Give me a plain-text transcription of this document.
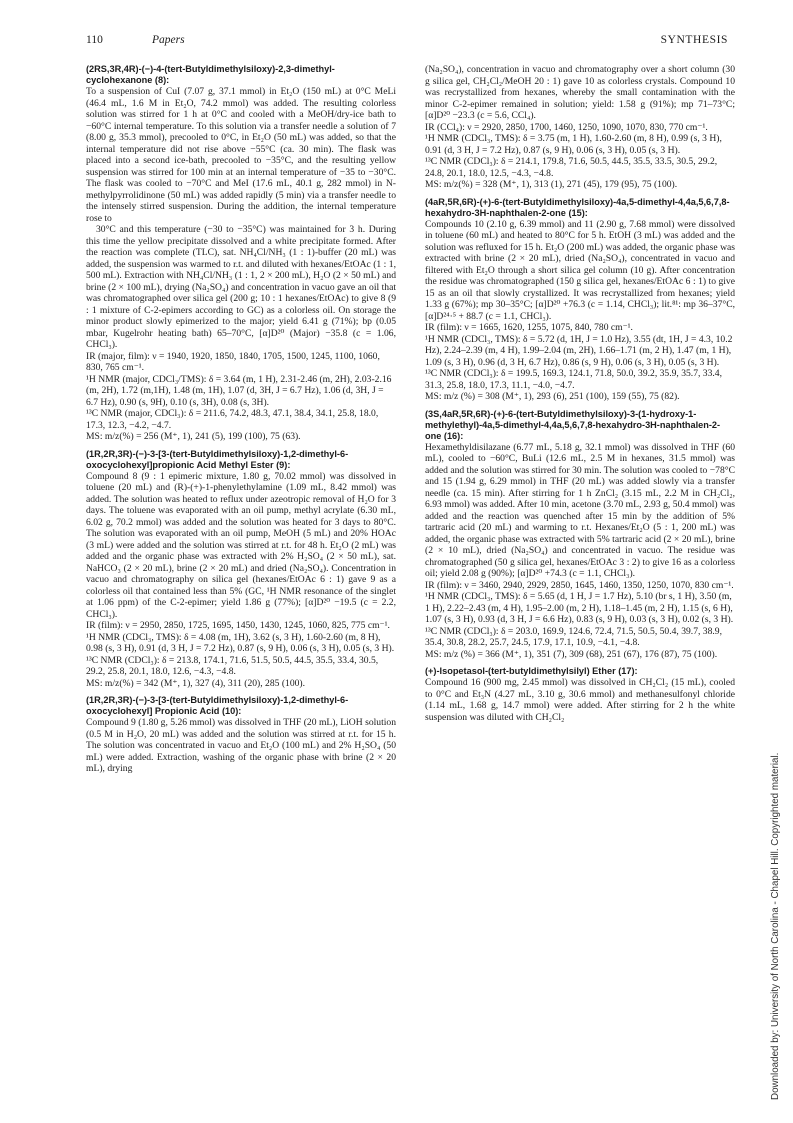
110	Papers	SYNTHESIS

(2RS,3R,4R)-(−)-4-(tert-Butyldimethylsiloxy)-2,3-dimethyl-cyclohexanone (8):

To a suspension of CuI (7.07 g, 37.1 mmol) in Et₂O (150 mL) at 0°C MeLi (46.4 mL, 1.6 M in Et₂O, 74.2 mmol) was added. The resulting colorless solution was stirred for 1 h at 0°C and cooled with a MeOH/dry-ice bath to −60°C internal temperature. To this solution via a transfer needle a solution of 7 (8.00 g, 35.3 mmol), precooled to 0°C, in Et₂O (50 mL) was added, so that the internal temperature did not rise above −55°C (ca. 30 min). The flask was placed into a second ice-bath, precooled to −35°C, and the resulting yellow suspension was stirred for 100 min at an internal temperature of −35 to −30°C. The flask was cooled to −70°C and MeI (17.6 mL, 40.1 g, 282 mmol) in N-methylpyrrolidinone (50 mL) was added rapidly (5 min) via a transfer needle to the intensely stirred suspension. During the addition, the internal temperature rose to

30°C and this temperature (−30 to −35°C) was maintained for 3 h. During this time the yellow precipitate dissolved and a white precipitate formed. After the reaction was complete (TLC), sat. NH₄Cl/NH₃ (1 : 1)-buffer (20 mL) was added, the suspension was warmed to r.t. and diluted with hexanes/EtOAc (1 : 1, 500 mL). Extraction with NH₄Cl/NH₃ (1 : 1, 2 × 200 mL), H₂O (2 × 50 mL) and brine (2 × 100 mL), drying (Na₂SO₄) and concentration in vacuo gave an oil that was chromatographed over silica gel (200 g; 10 : 1 hexanes/EtOAc) to give 8 (9 : 1 mixture of C-2-epimers according to GC) as a colorless oil. On storage the minor product slowly epimerized to the major; yield 6.41 g (71%); bp (0.05 mbar, Kugelrohr heating bath) 65–70°C, [α]D²⁰ (Major) −35.8 (c = 1.06, CHCl₃).

IR (major, film): ν = 1940, 1920, 1850, 1840, 1705, 1500, 1245, 1100, 1060, 830, 765 cm⁻¹.

¹H NMR (major, CDCl₃/TMS): δ = 3.64 (m, 1 H), 2.31-2.46 (m, 2H), 2.03-2.16 (m, 2H), 1.72 (m,1H), 1.48 (m, 1H), 1.07 (d, 3H, J = 6.7 Hz), 1.06 (d, 3H, J = 6.7 Hz), 0.90 (s, 9H), 0.10 (s, 3H), 0.08 (s, 3H).

¹³C NMR (major, CDCl₃): δ = 211.6, 74.2, 48.3, 47.1, 38.4, 34.1, 25.8, 18.0, 17.3, 12.3, −4.2, −4.7.

MS: m/z(%) = 256 (M⁺, 1), 241 (5), 199 (100), 75 (63).

(1R,2R,3R)-(−)-3-[3-(tert-Butyldimethylsiloxy)-1,2-dimethyl-6-oxocyclohexyl]propionic Acid Methyl Ester (9):

Compound 8 (9 : 1 epimeric mixture, 1.80 g, 70.02 mmol) was dissolved in toluene (20 mL) and (R)-(+)-1-phenylethylamine (1.09 mL, 8.42 mmol) was added. The solution was heated to reflux under azeotropic removal of H₂O for 3 days. The toluene was evaporated with an oil pump, methyl acrylate (6.30 mL, 6.02 g, 70.2 mmol) was added and the solution was heated for 3 days to 80°C. The solution was evaporated with an oil pump, MeOH (5 mL) and 20% HOAc (3 mL) were added and the solution was stirred at r.t. for 48 h. Et₂O (2 mL) was added and the organic phase was extracted with 2% H₂SO₄ (2 × 50 mL), sat. NaHCO₃ (2 × 20 mL), brine (2 × 20 mL) and dried (Na₂SO₄). Concentration in vacuo and chromatography on silica gel (hexanes/EtOAc 6 : 1) gave 9 as a colorless oil that contained less than 5% (GC, ¹H NMR resonance of the singlet at 1.06 ppm) of the C-2-epimer; yield 1.86 g (77%); [α]D²⁰ −19.5 (c = 2.2, CHCl₃).

IR (film): ν = 2950, 2850, 1725, 1695, 1450, 1430, 1245, 1060, 825, 775 cm⁻¹.

¹H NMR (CDCl₃, TMS): δ = 4.08 (m, 1H), 3.62 (s, 3 H), 1.60-2.60 (m, 8 H), 0.98 (s, 3 H), 0.91 (d, 3 H, J = 7.2 Hz), 0.87 (s, 9 H), 0.06 (s, 3 H), 0.05 (s, 3 H).

¹³C NMR (CDCl₃): δ = 213.8, 174.1, 71.6, 51.5, 50.5, 44.5, 35.5, 33.4, 30.5, 29.2, 25.8, 20.1, 18.0, 12.6, −4.3, −4.8.

MS: m/z(%) = 342 (M⁺, 1), 327 (4), 311 (20), 285 (100).

(1R,2R,3R)-(−)-3-[3-(tert-Butyldimethylsiloxy)-1,2-dimethyl-6-oxocyclohexyl] Propionic Acid (10):

Compound 9 (1.80 g, 5.26 mmol) was dissolved in THF (20 mL), LiOH solution (0.5 M in H₂O, 20 mL) was added and the solution was stirred at r.t. for 15 h. The solution was concentrated in vacuo and Et₂O (100 mL) and 2% H₂SO₄ (50 mL) were added. Extraction, washing of the organic phase with brine (2 × 20 mL), drying

(Na₂SO₄), concentration in vacuo and chromatography over a short column (30 g silica gel, CH₂Cl₂/MeOH 20 : 1) gave 10 as colorless crystals. Compound 10 was recrystallized from hexanes, whereby the small contamination with the minor C-2-epimer remained in solution; yield: 1.58 g (91%); mp 71–73°C; [α]D²⁰ −23.3 (c = 5.6, CCl₄).

IR (CCl₄): ν = 2920, 2850, 1700, 1460, 1250, 1090, 1070, 830, 770 cm⁻¹.

¹H NMR (CDCl₃, TMS): δ = 3.75 (m, 1 H), 1.60-2.60 (m, 8 H), 0.99 (s, 3 H), 0.91 (d, 3 H, J = 7.2 Hz), 0.87 (s, 9 H), 0.06 (s, 3 H), 0.05 (s, 3 H).

¹³C NMR (CDCl₃): δ = 214.1, 179.8, 71.6, 50.5, 44.5, 35.5, 33.5, 30.5, 29.2, 24.8, 20.1, 18.0, 12.5, −4.3, −4.8.

MS: m/z(%) = 328 (M⁺, 1), 313 (1), 271 (45), 179 (95), 75 (100).

(4aR,5R,6R)-(+)-6-(tert-Butyldimethylsiloxy)-4a,5-dimethyl-4,4a,5,6,7,8-hexahydro-3H-naphthalen-2-one (15):

Compounds 10 (2.10 g, 6.39 mmol) and 11 (2.90 g, 7.68 mmol) were dissolved in toluene (60 mL) and heated to 80°C for 5 h. EtOH (3 mL) was added and the solution was refluxed for 15 h. Et₂O (200 mL) was added, the organic phase was extracted with brine (2 × 20 mL), dried (Na₂SO₄), concentrated in vacuo and filtered with Et₂O through a short silica gel column (10 g). After concentration the residue was chromatographed (150 g silica gel, hexanes/EtOAc 6 : 1) to give 15 as an oil that slowly crystallized. It was recrystallized from hexanes; yield 1.33 g (67%); mp 30–35°C; [α]D²⁰ +76.3 (c = 1.14, CHCl₃); lit.⁸¹: mp 36–37°C, [α]D²⁴·⁵ + 88.7 (c = 1.1, CHCl₃).

IR (film): ν = 1665, 1620, 1255, 1075, 840, 780 cm⁻¹.

¹H NMR (CDCl₃, TMS): δ = 5.72 (d, 1H, J = 1.0 Hz), 3.55 (dt, 1H, J = 4.3, 10.2 Hz), 2.24–2.39 (m, 4 H), 1.99–2.04 (m, 2H), 1.66–1.71 (m, 2 H), 1.47 (m, 1 H), 1.09 (s, 3 H), 0.96 (d, 3 H, 6.7 Hz), 0.86 (s, 9 H), 0.06 (s, 3 H), 0.05 (s, 3 H).

¹³C NMR (CDCl₃): δ = 199.5, 169.3, 124.1, 71.8, 50.0, 39.2, 35.9, 35.7, 33.4, 31.3, 25.8, 18.0, 17.3, 11.1, −4.0, −4.7.

MS: m/z (%) = 308 (M⁺, 1), 293 (6), 251 (100), 159 (55), 75 (82).

(3S,4aR,5R,6R)-(+)-6-(tert-Butyldimethylsiloxy)-3-(1-hydroxy-1-methylethyl)-4a,5-dimethyl-4,4a,5,6,7,8-hexahydro-3H-naphthalen-2-one (16):

Hexamethyldisilazane (6.77 mL, 5.18 g, 32.1 mmol) was dissolved in THF (60 mL), cooled to −60°C, BuLi (12.6 mL, 2.5 M in hexanes, 31.5 mmol) was added and the solution was stirred for 30 min. The solution was cooled to −78°C and 15 (1.94 g, 6.29 mmol) in THF (20 mL) was added slowly via a transfer needle (ca. 15 min). After stirring for 1 h ZnCl₂ (3.15 mL, 2.2 M in CH₂Cl₂, 6.93 mmol) was added. After 10 min, acetone (3.70 mL, 2.93 g, 50.4 mmol) was added and the reaction was quenched after 15 min by the addition of 5% tartraric acid (20 mL) and warming to r.t. Hexanes/Et₂O (5 : 1, 200 mL) was added, the organic phase was extracted with 5% tartraric acid (2 × 20 mL), brine (2 × 10 mL), dried (Na₂SO₄) and concentrated in vacuo. The residue was chromatographed (50 g silica gel, hexanes/EtOAc 3 : 2) to give 16 as a colorless oil; yield 2.08 g (90%); [α]D²⁰ +74.3 (c = 1.1, CHCl₃).

IR (film): ν = 3460, 2940, 2929, 2850, 1645, 1460, 1350, 1250, 1070, 830 cm⁻¹.

¹H NMR (CDCl₃, TMS): δ = 5.65 (d, 1 H, J = 1.7 Hz), 5.10 (br s, 1 H), 3.50 (m, 1 H), 2.22–2.43 (m, 4 H), 1.95–2.00 (m, 2 H), 1.18–1.45 (m, 2 H), 1.15 (s, 6 H), 1.07 (s, 3 H), 0.93 (d, 3 H, J = 6.6 Hz), 0.83 (s, 9 H), 0.03 (s, 3 H), 0.02 (s, 3 H).

¹³C NMR (CDCl₃): δ = 203.0, 169.9, 124.6, 72.4, 71.5, 50.5, 50.4, 39.7, 38.9, 35.4, 30.8, 28.2, 25.7, 24.5, 17.9, 17.1, 10.9, −4.1, −4.8.

MS: m/z (%) = 366 (M⁺, 1), 351 (7), 309 (68), 251 (67), 176 (87), 75 (100).

(+)-Isopetasol-(tert-butyldimethylsilyl) Ether (17):

Compound 16 (900 mg, 2.45 mmol) was dissolved in CH₂Cl₂ (15 mL), cooled to 0°C and Et₃N (4.27 mL, 3.10 g, 30.6 mmol) and methanesulfonyl chloride (1.14 mL, 1.68 g, 14.7 mmol) were added. After stirring for 2 h the white suspension was diluted with CH₂Cl₂

Downloaded by: University of North Carolina - Chapel Hill. Copyrighted material.
